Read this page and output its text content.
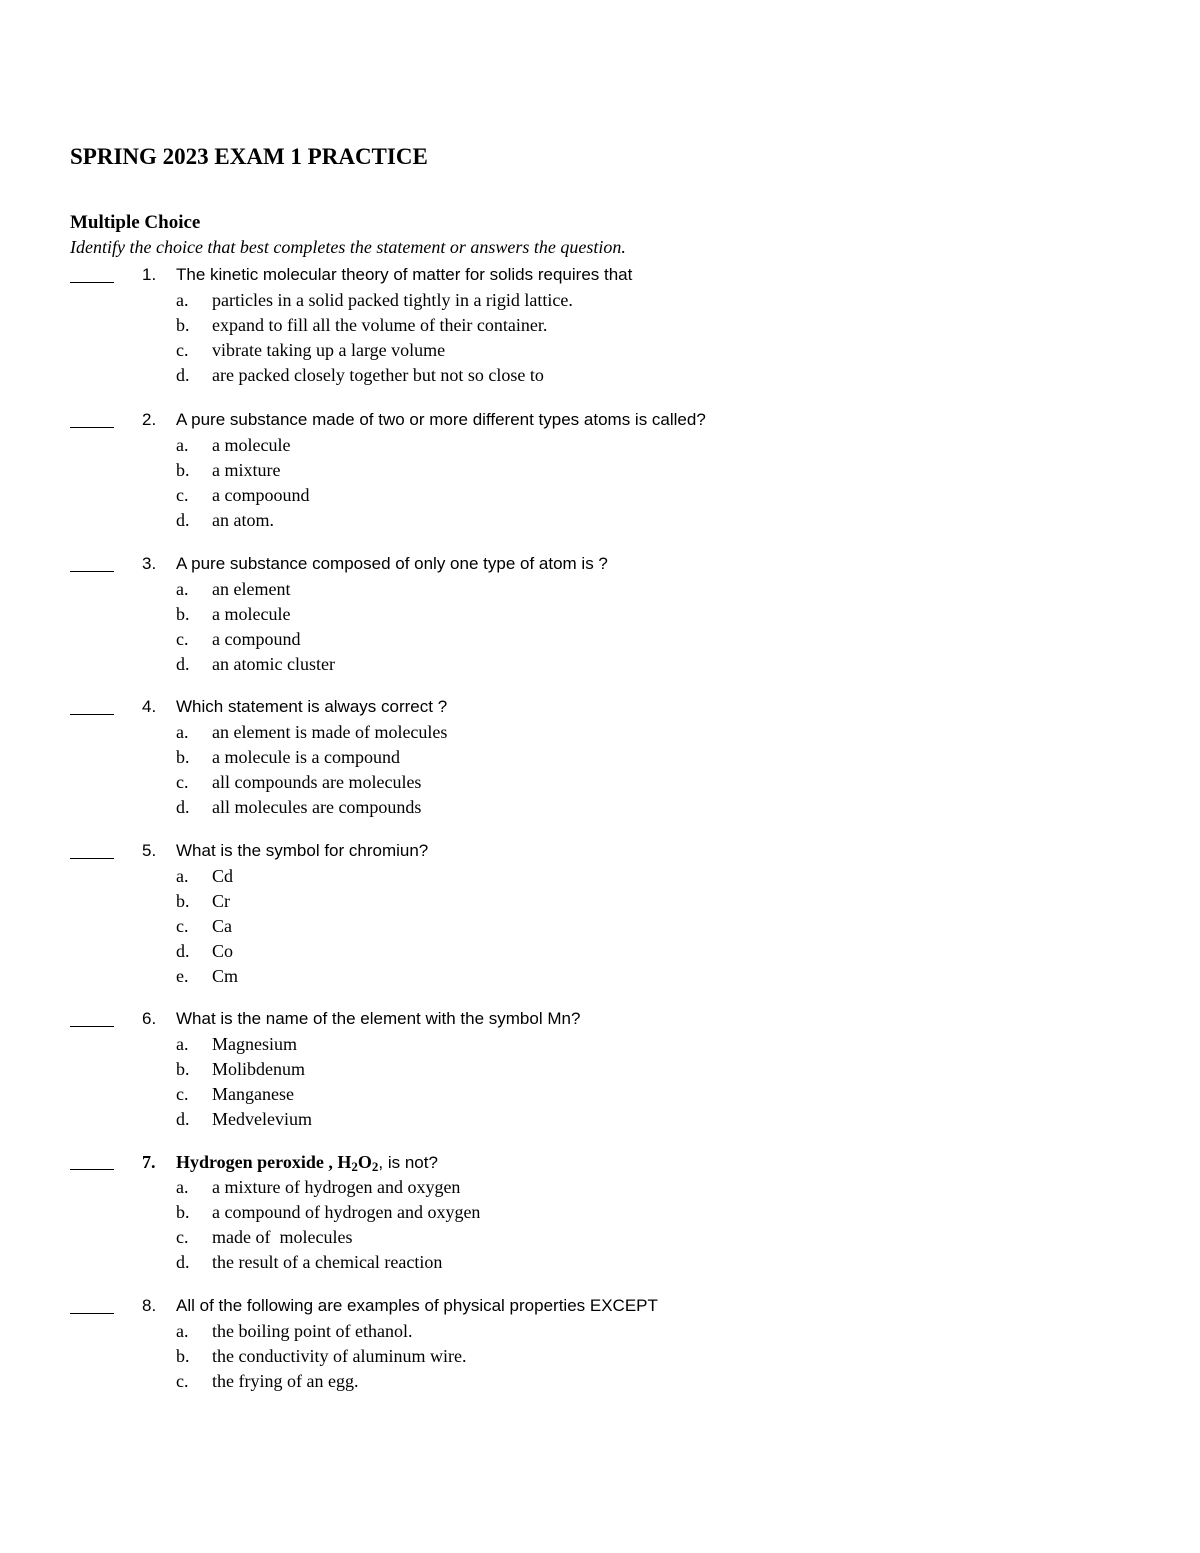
SPRING 2023 EXAM 1 PRACTICE
Multiple Choice
Identify the choice that best completes the statement or answers the question.
1. The kinetic molecular theory of matter for solids requires that
a. particles in a solid packed tightly in a rigid lattice.
b. expand to fill all the volume of their container.
c. vibrate taking up a large volume
d. are packed closely together but not so close to
2. A pure substance made of two or more different types atoms is called?
a. a molecule
b. a mixture
c. a compoound
d. an atom.
3. A pure substance composed of only one type of atom is ?
a. an element
b. a molecule
c. a compound
d. an atomic cluster
4. Which statement is always correct ?
a. an element is made of molecules
b. a molecule is a compound
c. all compounds are molecules
d. all molecules are compounds
5. What is the symbol for chromiun?
a. Cd
b. Cr
c. Ca
d. Co
e. Cm
6. What is the name of the element with the symbol Mn?
a. Magnesium
b. Molibdenum
c. Manganese
d. Medvelevium
7. Hydrogen peroxide , $H_2O_2$, is not?
a. a mixture of hydrogen and oxygen
b. a compound of hydrogen and oxygen
c. made of  molecules
d. the result of a chemical reaction
8. All of the following are examples of physical properties EXCEPT
a. the boiling point of ethanol.
b. the conductivity of aluminum wire.
c. the frying of an egg.
